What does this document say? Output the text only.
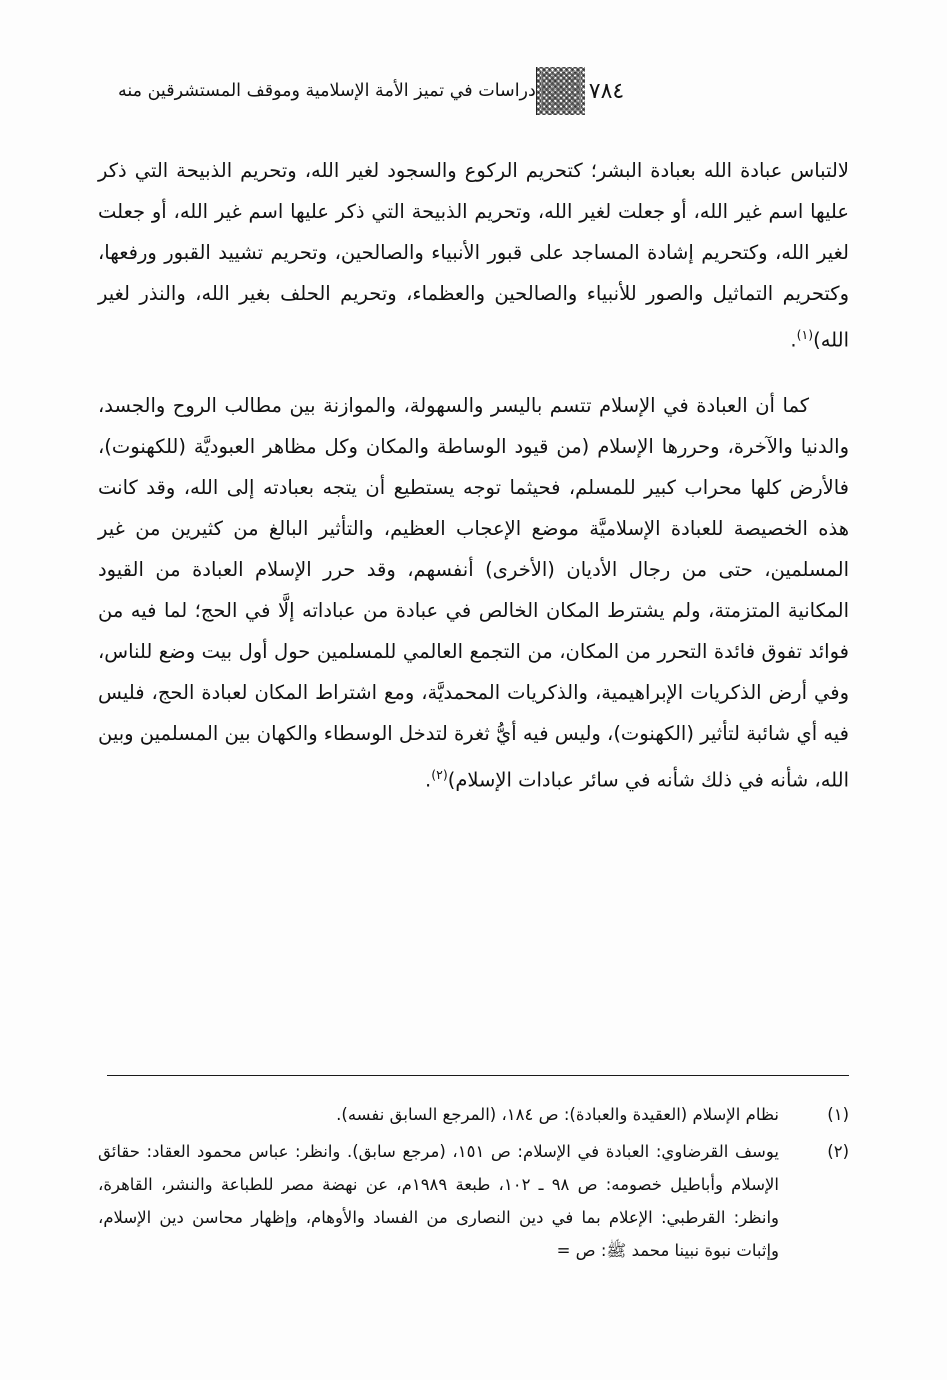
دراسات في تميز الأمة الإسلامية وموقف المستشرقين منه ٧٨٤

لالتباس عبادة الله بعبادة البشر؛ كتحريم الركوع والسجود لغير الله، وتحريم الذبيحة التي ذكر عليها اسم غير الله، أو جعلت لغير الله، وتحريم الذبيحة التي ذكر عليها اسم غير الله، أو جعلت لغير الله، وكتحريم إشادة المساجد على قبور الأنبياء والصالحين، وتحريم تشييد القبور ورفعها، وكتحريم التماثيل والصور للأنبياء والصالحين والعظماء، وتحريم الحلف بغير الله، والنذر لغير الله)$^{(١)}$.

كما أن العبادة في الإسلام تتسم باليسر والسهولة، والموازنة بين مطالب الروح والجسد، والدنيا والآخرة، وحررها الإسلام (من قيود الوساطة والمكان وكل مظاهر العبوديَّة (للكهنوت)، فالأرض كلها محراب كبير للمسلم، فحيثما توجه يستطيع أن يتجه بعبادته إلى الله، وقد كانت هذه الخصيصة للعبادة الإسلاميَّة موضع الإعجاب العظيم، والتأثير البالغ من كثيرين من غير المسلمين، حتى من رجال الأديان (الأخرى) أنفسهم، وقد حرر الإسلام العبادة من القيود المكانية المتزمتة، ولم يشترط المكان الخالص في عبادة من عباداته إلَّا في الحج؛ لما فيه من فوائد تفوق فائدة التحرر من المكان، من التجمع العالمي للمسلمين حول أول بيت وضع للناس، وفي أرض الذكريات الإبراهيمية، والذكريات المحمديَّة، ومع اشتراط المكان لعبادة الحج، فليس فيه أي شائبة لتأثير (الكهنوت)، وليس فيه أيُّ ثغرة لتدخل الوسطاء والكهان بين المسلمين وبين الله، شأنه في ذلك شأنه في سائر عبادات الإسلام)$^{(٢)}$.

(١)
نظام الإسلام (العقيدة والعبادة): ص ١٨٤، (المرجع السابق نفسه).
(٢)
يوسف القرضاوي: العبادة في الإسلام: ص ١٥١، (مرجع سابق). وانظر: عباس محمود العقاد: حقائق الإسلام وأباطيل خصومه: ص ٩٨ ـ ١٠٢، طبعة ١٩٨٩م، عن نهضة مصر للطباعة والنشر، القاهرة، وانظر: القرطبي: الإعلام بما في دين النصارى من الفساد والأوهام، وإظهار محاسن دين الإسلام، وإثبات نبوة نبينا محمد ﷺ: ص =
